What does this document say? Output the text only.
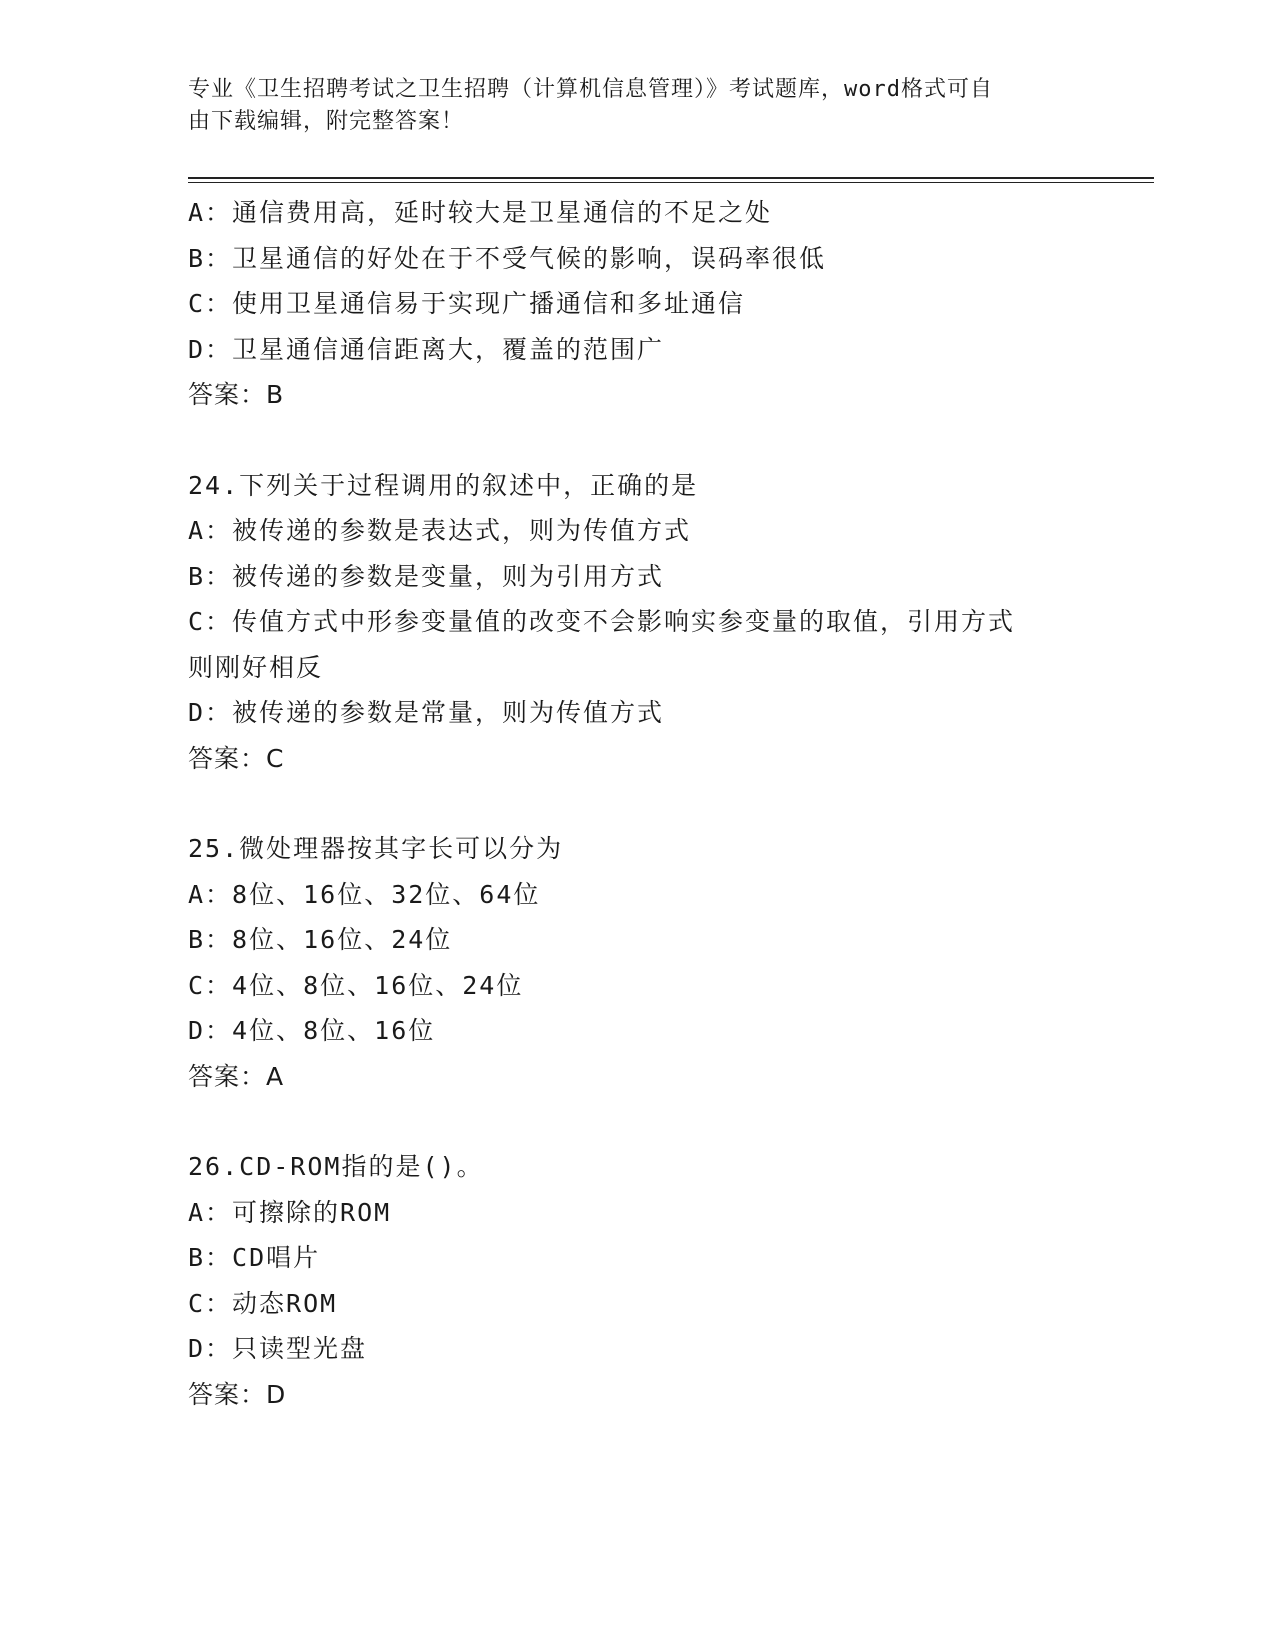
专业《卫生招聘考试之卫生招聘（计算机信息管理）》考试题库，word格式可自
由下载编辑，附完整答案！
A：通信费用高，延时较大是卫星通信的不足之处
B：卫星通信的好处在于不受气候的影响，误码率很低
C：使用卫星通信易于实现广播通信和多址通信
D：卫星通信通信距离大，覆盖的范围广
答案：B
24.下列关于过程调用的叙述中，正确的是
A：被传递的参数是表达式，则为传值方式
B：被传递的参数是变量，则为引用方式
C：传值方式中形参变量值的改变不会影响实参变量的取值，引用方式
则刚好相反
D：被传递的参数是常量，则为传值方式
答案：C
25.微处理器按其字长可以分为
A：8位、16位、32位、64位
B：8位、16位、24位
C：4位、8位、16位、24位
D：4位、8位、16位
答案：A
26.CD-ROM指的是()。
A：可擦除的ROM
B：CD唱片
C：动态ROM
D：只读型光盘
答案：D
